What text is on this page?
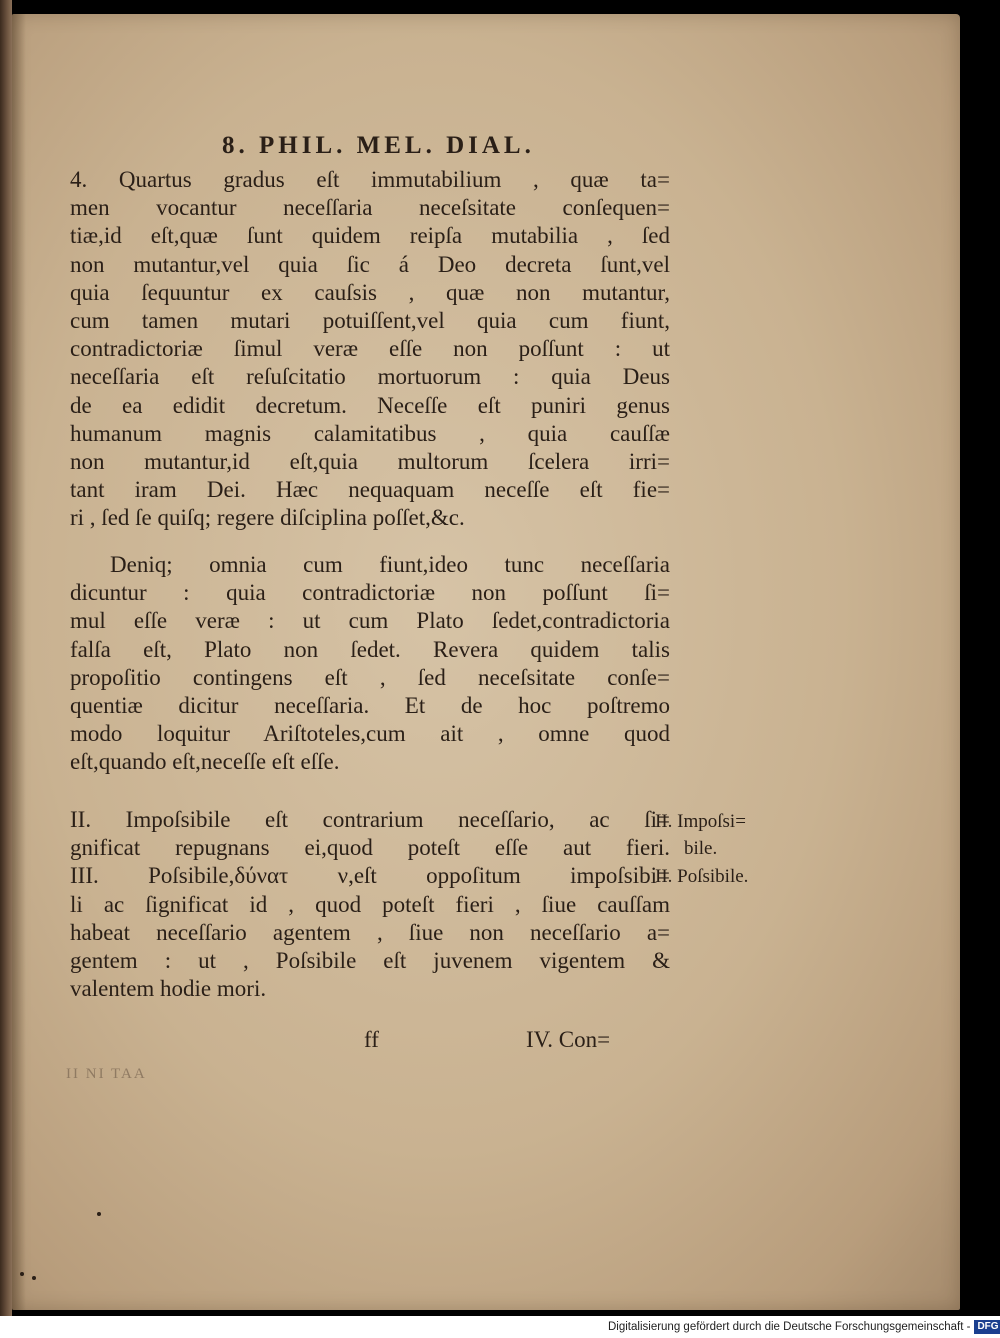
8. PHIL. MEL. DIAL.
4. Quartus gradus eſt immutabilium , quæ ta=
men vocantur neceſſaria neceſsitate conſequen=
tiæ,id eſt,quæ ſunt quidem reipſa mutabilia , ſed
non mutantur,vel quia ſic á Deo decreta ſunt,vel
quia ſequuntur ex cauſsis , quæ non mutantur,
cum tamen mutari potuiſſent,vel quia cum fiunt,
contradictoriæ ſimul veræ eſſe non poſſunt : ut
neceſſaria eſt reſuſcitatio mortuorum : quia Deus
de ea edidit decretum. Neceſſe eſt puniri genus
humanum magnis calamitatibus , quia cauſſæ
non mutantur,id eſt,quia multorum ſcelera irri=
tant iram Dei. Hæc nequaquam neceſſe eſt fie=
ri , ſed ſe quiſq; regere diſciplina poſſet,&c.
Deniq; omnia cum fiunt,ideo tunc neceſſaria
dicuntur : quia contradictoriæ non poſſunt ſi=
mul eſſe veræ : ut cum Plato ſedet,contradictoria
falſa eſt, Plato non ſedet. Revera quidem talis
propoſitio contingens eſt , ſed neceſsitate conſe=
quentiæ dicitur neceſſaria. Et de hoc poſtremo
modo loquitur Ariſtoteles,cum ait , omne quod
eſt,quando eſt,neceſſe eſt eſſe.
II. Impoſsibile eſt contrarium neceſſario, ac ſi=
gnificat repugnans ei,quod poteſt eſſe aut fieri.
III. Poſsibile,δύνατ ν,eſt oppoſitum impoſsibi=
li ac ſignificat id , quod poteſt fieri , ſiue cauſſam
habeat neceſſario agentem , ſiue non neceſſario a=
gentem : ut , Poſsibile eſt juvenem vigentem &
valentem hodie mori.
II. Impoſsi=
bile.
II. Poſsibile.
ff	IV. Con=
II NI TAA
Digitalisierung gefördert durch die Deutsche Forschungsgemeinschaft - DFG
